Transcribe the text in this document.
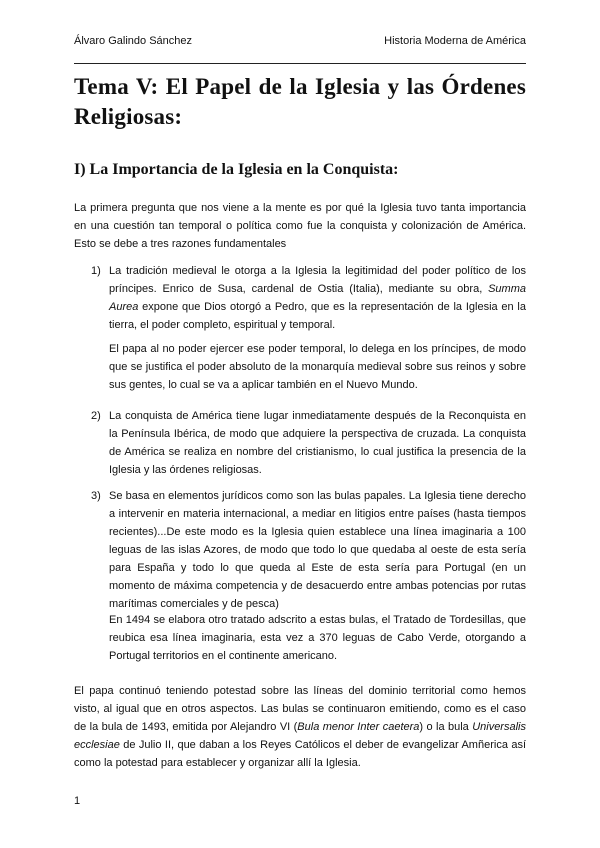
Álvaro Galindo Sánchez	Historia Moderna de América
Tema V: El Papel de la Iglesia y las Órdenes Religiosas:
I) La Importancia de la Iglesia en la Conquista:

La primera pregunta que nos viene a la mente es por qué la Iglesia tuvo tanta importancia en una cuestión tan temporal o política como fue la conquista y colonización de América. Esto se debe a tres razones fundamentales

1) La tradición medieval le otorga a la Iglesia la legitimidad del poder político de los príncipes. Enrico de Susa, cardenal de Ostia (Italia), mediante su obra, Summa Aurea expone que Dios otorgó a Pedro, que es la representación de la Iglesia en la tierra, el poder completo, espiritual y temporal.

El papa al no poder ejercer ese poder temporal, lo delega en los príncipes, de modo que se justifica el poder absoluto de la monarquía medieval sobre sus reinos y sobre sus gentes, lo cual se va a aplicar también en el Nuevo Mundo.

2) La conquista de América tiene lugar inmediatamente después de la Reconquista en la Península Ibérica, de modo que adquiere la perspectiva de cruzada. La conquista de América se realiza en nombre del cristianismo, lo cual justifica la presencia de la Iglesia y las órdenes religiosas.

3) Se basa en elementos jurídicos como son las bulas papales. La Iglesia tiene derecho a intervenir en materia internacional, a mediar en litigios entre países (hasta tiempos recientes)...De este modo es la Iglesia quien establece una línea imaginaria a 100 leguas de las islas Azores, de modo que todo lo que quedaba al oeste de esta sería para España y todo lo que queda al Este de esta sería para Portugal (en un momento de máxima competencia y de desacuerdo entre ambas potencias por rutas marítimas comerciales y de pesca)

En 1494 se elabora otro tratado adscrito a estas bulas, el Tratado de Tordesillas, que reubica esa línea imaginaria, esta vez a 370 leguas de Cabo Verde, otorgando a Portugal territorios en el continente americano.

El papa continuó teniendo potestad sobre las líneas del dominio territorial como hemos visto, al igual que en otros aspectos. Las bulas se continuaron emitiendo, como es el caso de la bula de 1493, emitida por Alejandro VI (Bula menor Inter caetera) o la bula Universalis ecclesiae de Julio II, que daban a los Reyes Católicos el deber de evangelizar Amñerica así como la potestad para establecer y organizar allí la Iglesia.

1
